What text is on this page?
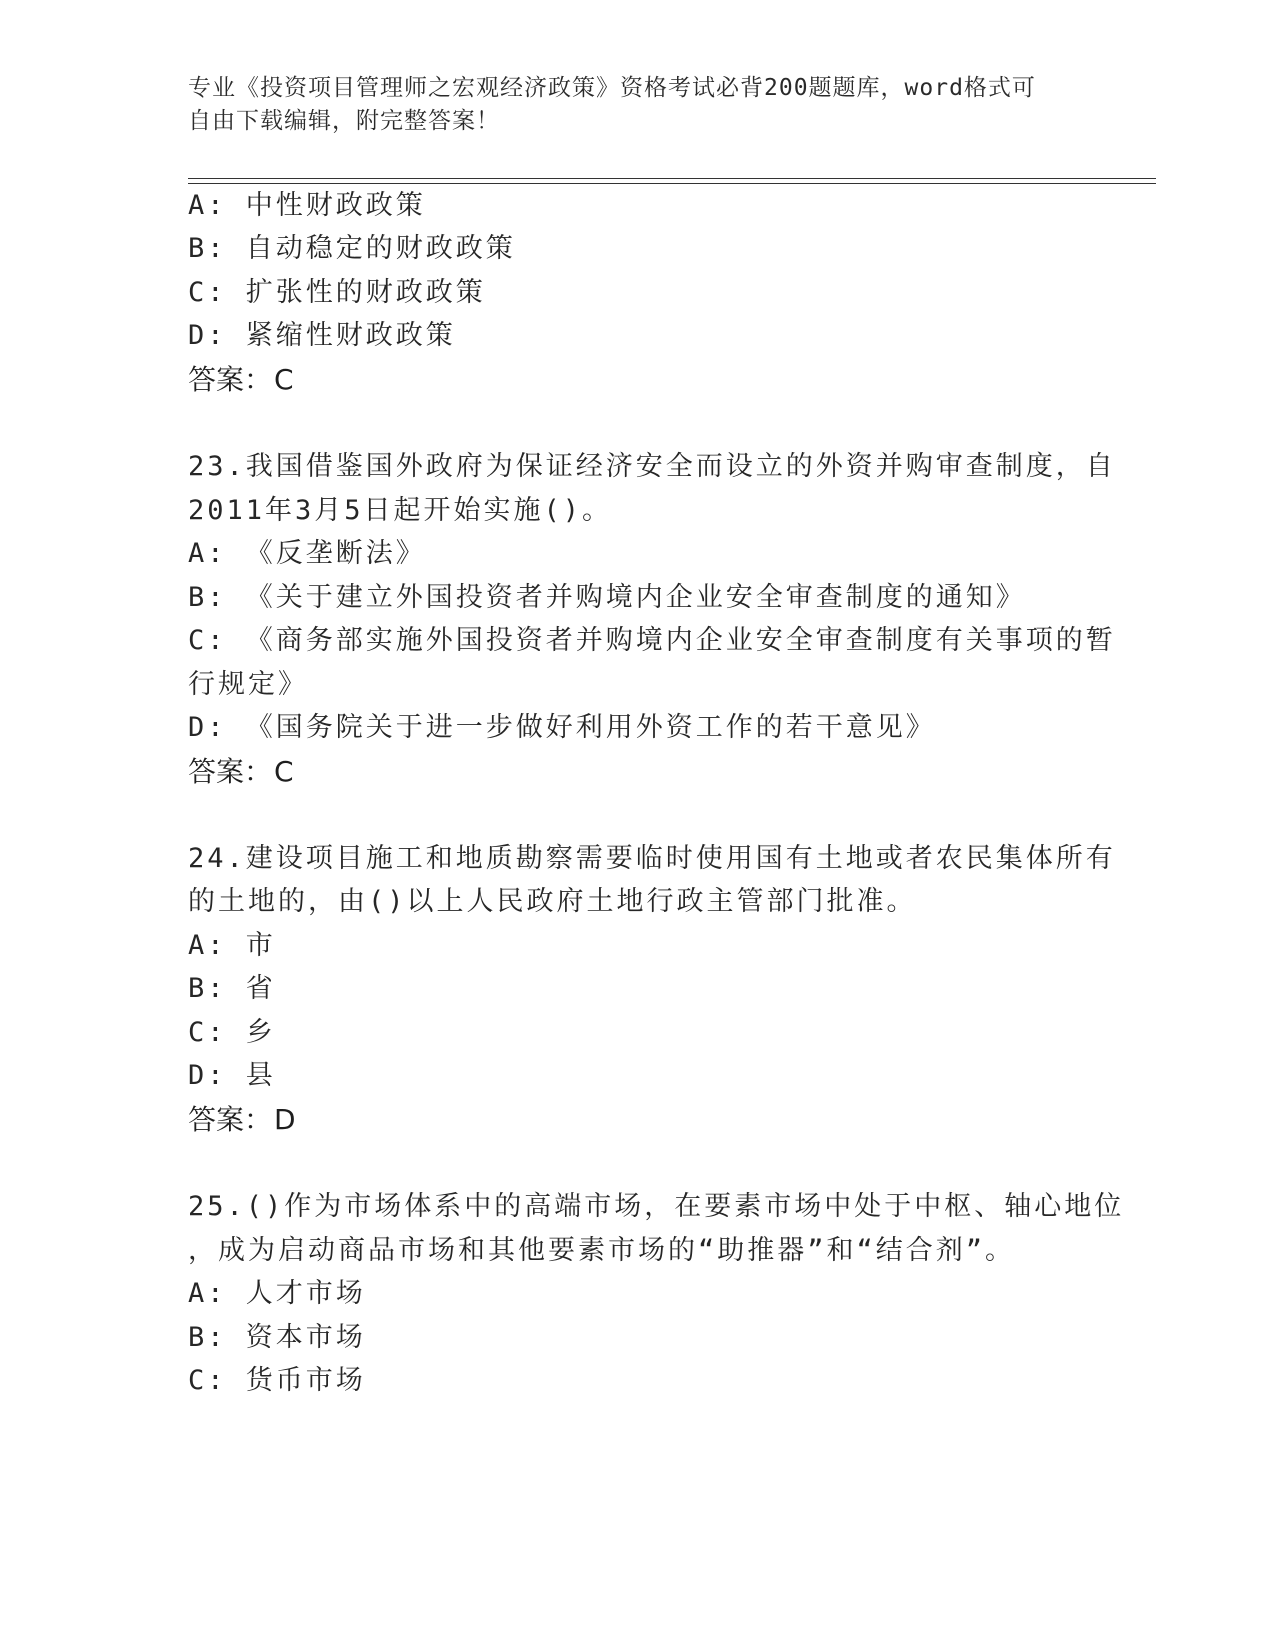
专业《投资项目管理师之宏观经济政策》资格考试必背200题题库，word格式可
自由下载编辑，附完整答案！
A: 中性财政政策
B: 自动稳定的财政政策
C: 扩张性的财政政策
D: 紧缩性财政政策
答案：C
23.我国借鉴国外政府为保证经济安全而设立的外资并购审查制度，自
2011年3月5日起开始实施()。
A: 《反垄断法》
B: 《关于建立外国投资者并购境内企业安全审查制度的通知》
C: 《商务部实施外国投资者并购境内企业安全审查制度有关事项的暂
行规定》
D: 《国务院关于进一步做好利用外资工作的若干意见》
答案：C
24.建设项目施工和地质勘察需要临时使用国有土地或者农民集体所有
的土地的，由()以上人民政府土地行政主管部门批准。
A: 市
B: 省
C: 乡
D: 县
答案：D
25.()作为市场体系中的高端市场，在要素市场中处于中枢、轴心地位
，成为启动商品市场和其他要素市场的“助推器”和“结合剂”。
A: 人才市场
B: 资本市场
C: 货币市场
